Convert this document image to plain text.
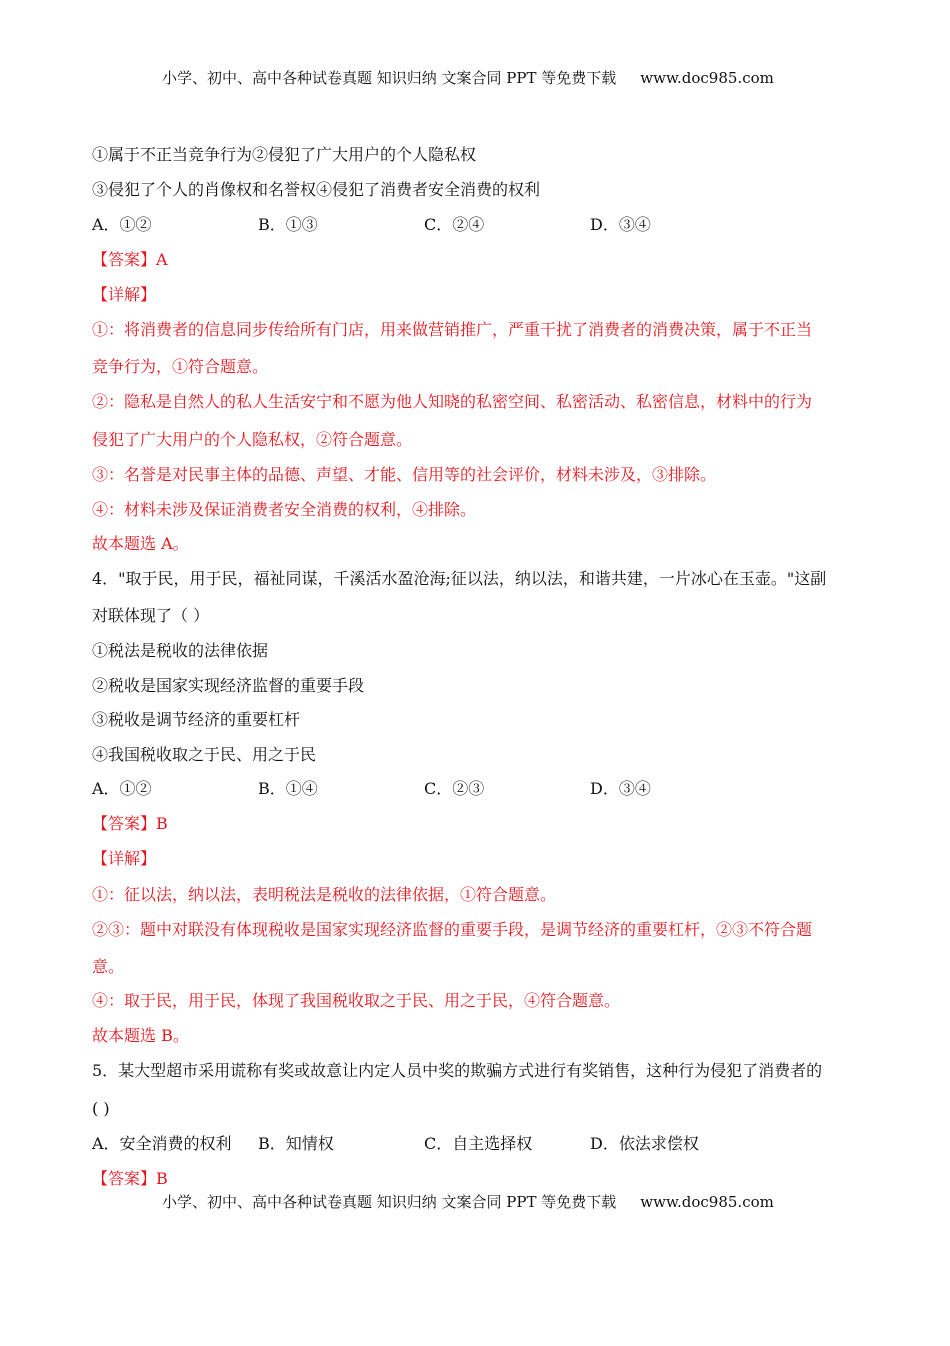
小学、初中、高中各种试卷真题 知识归纳 文案合同 PPT 等免费下载 www.doc985.com
①属于不正当竞争行为②侵犯了广大用户的个人隐私权
③侵犯了个人的肖像权和名誉权④侵犯了消费者安全消费的权利
A．①②	B．①③	C．②④	D．③④
【答案】A
【详解】
①：将消费者的信息同步传给所有门店，用来做营销推广，严重干扰了消费者的消费决策，属于不正当
竞争行为，①符合题意。
②：隐私是自然人的私人生活安宁和不愿为他人知晓的私密空间、私密活动、私密信息，材料中的行为
侵犯了广大用户的个人隐私权，②符合题意。
③：名誉是对民事主体的品德、声望、才能、信用等的社会评价，材料未涉及，③排除。
④：材料未涉及保证消费者安全消费的权利，④排除。
故本题选 A。
4．"取于民，用于民，福祉同谋，千溪活水盈沧海;征以法，纳以法，和谐共建，一片冰心在玉壶。"这副
对联体现了（ ）
①税法是税收的法律依据
②税收是国家实现经济监督的重要手段
③税收是调节经济的重要杠杆
④我国税收取之于民、用之于民
A．①②	B．①④	C．②③	D．③④
【答案】B
【详解】
①：征以法，纳以法，表明税法是税收的法律依据，①符合题意。
②③：题中对联没有体现税收是国家实现经济监督的重要手段，是调节经济的重要杠杆，②③不符合题
意。
④：取于民，用于民，体现了我国税收取之于民、用之于民，④符合题意。
故本题选 B。
5．某大型超市采用谎称有奖或故意让内定人员中奖的欺骗方式进行有奖销售，这种行为侵犯了消费者的
( )
A．安全消费的权利 B．知情权	C．自主选择权	D．依法求偿权
【答案】B
小学、初中、高中各种试卷真题 知识归纳 文案合同 PPT 等免费下载 www.doc985.com
